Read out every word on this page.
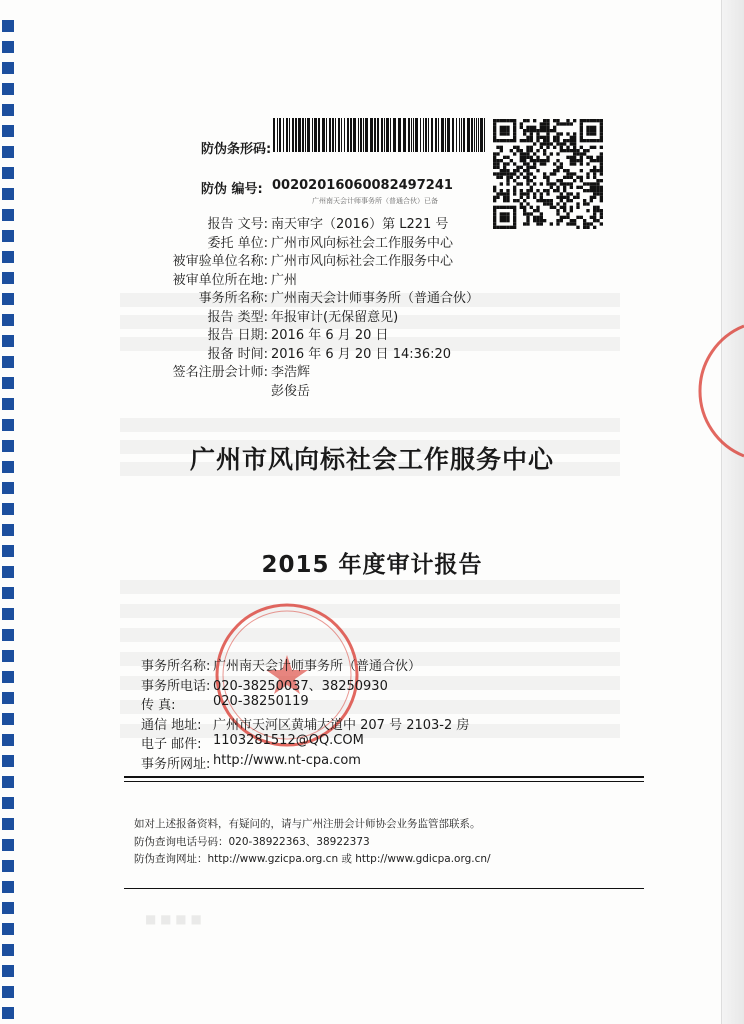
防伪条形码:
防伪 编号: 0020201606008​2497241
广州南天会计师事务所（普通合伙）已备
报告 文号: 南天审字（2016）第 L221 号
委托 单位: 广州市风向标社会工作服务中心
被审验单位名称: 广州市风向标社会工作服务中心
被审单位所在地: 广州
事务所名称: 广州南天会计师事务所（普通合伙）
报告 类型: 年报审计(无保留意见)
报告 日期: 2016 年 6 月 20 日
报备 时间: 2016 年 6 月 20 日 14:36:20
签名注册会计师: 李浩辉
彭俊岳
广州市风向标社会工作服务中心
2015 年度审计报告
事务所名称: 广州南天会计师事务所（普通合伙）
事务所电话: 020-38250037、38250930
传 真:	020-38250119
通信 地址: 广州市天河区黄埔大道中 207 号 2103-2 房
电子 邮件: 1103281512@QQ.COM
事务所网址: http://www.nt-cpa.com
如对上述报备资料，有疑问的，请与广州注册会计师协会业务监管部联系。
防伪查询电话号码：020-38922363、38922373
防伪查询网址：http://www.gzicpa.org.cn 或 http://www.gdicpa.org.cn/
■ ■ ■ ■
